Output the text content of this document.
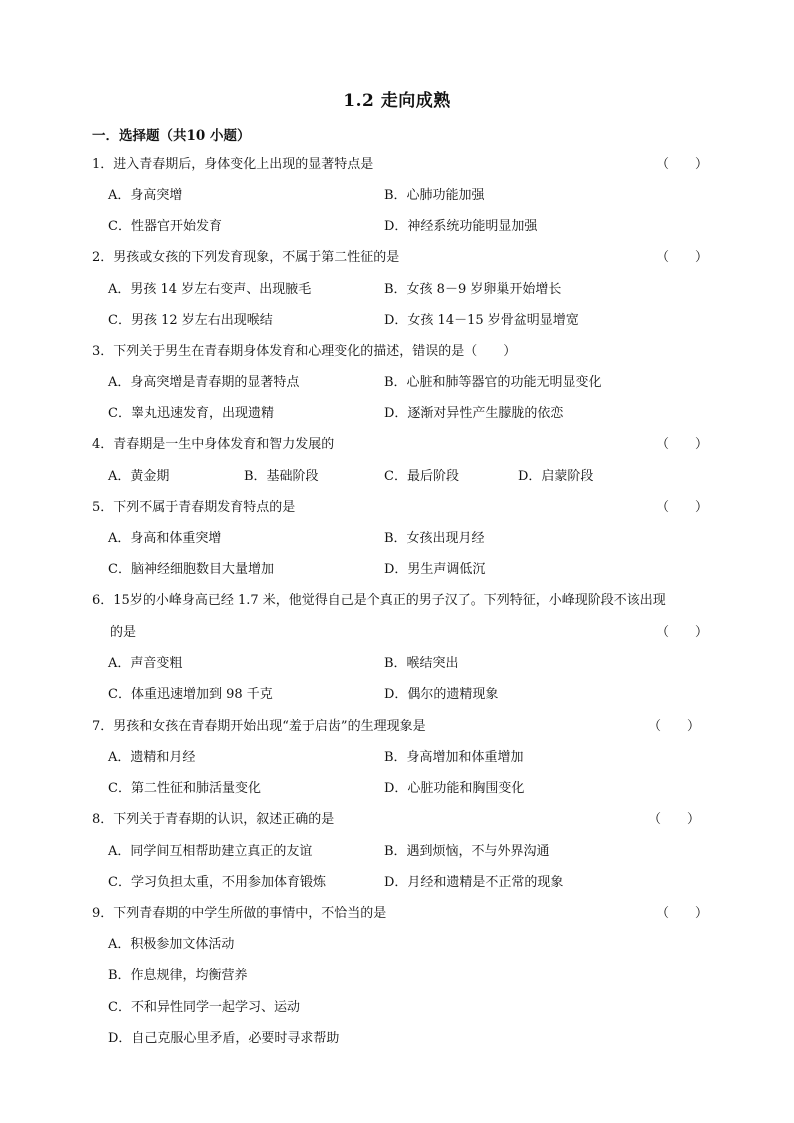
1.2 走向成熟
一．选择题（共10 小题）
1．进入青春期后，身体变化上出现的显著特点是	（　　）
A．身高突增	B．心肺功能加强
C．性器官开始发育	D．神经系统功能明显加强
2．男孩或女孩的下列发育现象，不属于第二性征的是	（　　）
A．男孩 14 岁左右变声、出现腋毛	B．女孩 8－9 岁卵巢开始增长
C．男孩 12 岁左右出现喉结	D．女孩 14－15 岁骨盆明显增宽
3．下列关于男生在青春期身体发育和心理变化的描述，错误的是（　　）
A．身高突增是青春期的显著特点	B．心脏和肺等器官的功能无明显变化
C．睾丸迅速发育，出现遗精	D．逐渐对异性产生朦胧的依恋
4．青春期是一生中身体发育和智力发展的	（　　）
A．黄金期	B．基础阶段	C．最后阶段	D．启蒙阶段
5．下列不属于青春期发育特点的是	（　　）
A．身高和体重突增	B．女孩出现月经
C．脑神经细胞数目大量增加	D．男生声调低沉
6．15岁的小峰身高已经 1.7 米，他觉得自己是个真正的男子汉了。下列特征，小峰现阶段不该出现
的是	（　　）
A．声音变粗	B．喉结突出
C．体重迅速增加到 98 千克	D．偶尔的遗精现象
7．男孩和女孩在青春期开始出现“羞于启齿”的生理现象是	（　　）
A．遗精和月经	B．身高增加和体重增加
C．第二性征和肺活量变化	D．心脏功能和胸围变化
8．下列关于青春期的认识，叙述正确的是	（　　）
A．同学间互相帮助建立真正的友谊	B．遇到烦恼，不与外界沟通
C．学习负担太重，不用参加体育锻炼	D．月经和遗精是不正常的现象
9．下列青春期的中学生所做的事情中，不恰当的是	（　　）
A．积极参加文体活动
B．作息规律，均衡营养
C．不和异性同学一起学习、运动
D．自己克服心里矛盾，必要时寻求帮助
